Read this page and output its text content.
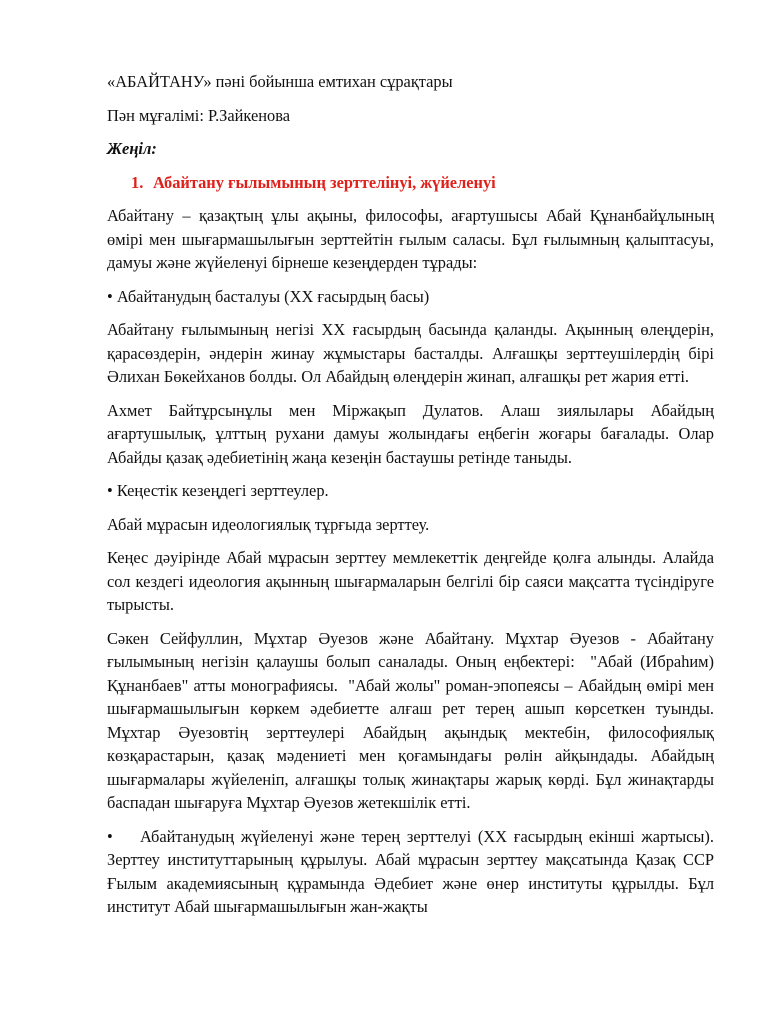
«АБАЙТАНУ» пәні бойынша емтихан сұрақтары

Пән мұғалімі: Р.Зайкенова

Жеңіл:

1. Абайтану ғылымының зерттелінуі, жүйеленуі

Абайтану – қазақтың ұлы ақыны, философы, ағартушысы Абай Құнанбайұлының өмірі мен шығармашылығын зерттейтін ғылым саласы. Бұл ғылымның қалыптасуы, дамуы және жүйеленуі бірнеше кезеңдерден тұрады:

• Абайтанудың басталуы (XX ғасырдың басы)

Абайтану ғылымының негізі XX ғасырдың басында қаланды. Ақынның өлеңдерін, қарасөздерін, әндерін жинау жұмыстары басталды. Алғашқы зерттеушілердің бірі Әлихан Бөкейханов болды. Ол Абайдың өлеңдерін жинап, алғашқы рет жария етті.

Ахмет Байтұрсынұлы мен Міржақып Дулатов. Алаш зиялылары Абайдың ағартушылық, ұлттың рухани дамуы жолындағы еңбегін жоғары бағалады. Олар Абайды қазақ әдебиетінің жаңа кезеңін бастаушы ретінде таныды.

• Кеңестік кезеңдегі зерттеулер.

Абай мұрасын идеологиялық тұрғыда зерттеу.

Кеңес дәуірінде Абай мұрасын зерттеу мемлекеттік деңгейде қолға алынды. Алайда сол кездегі идеология ақынның шығармаларын белгілі бір саяси мақсатта түсіндіруге тырысты.

Сәкен Сейфуллин, Мұхтар Әуезов және Абайтану. Мұхтар Әуезов - Абайтану ғылымының негізін қалаушы болып саналады. Оның еңбектері:  "Абай (Ибраһим) Құнанбаев" атты монографиясы.  "Абай жолы" роман-эпопеясы – Абайдың өмірі мен шығармашылығын көркем әдебиетте алғаш рет терең ашып көрсеткен туынды.  Мұхтар Әуезовтің зерттеулері Абайдың ақындық мектебін, философиялық көзқарастарын, қазақ мәдениеті мен қоғамындағы рөлін айқындады. Абайдың шығармалары жүйеленіп, алғашқы толық жинақтары жарық көрді. Бұл жинақтарды баспадан шығаруға Мұхтар Әуезов жетекшілік етті.

• Абайтанудың жүйеленуі және терең зерттелуі (XX ғасырдың екінші жартысы). Зерттеу институттарының құрылуы. Абай мұрасын зерттеу мақсатында Қазақ ССР Ғылым академиясының құрамында Әдебиет және өнер институты құрылды. Бұл институт Абай шығармашылығын жан-жақты
